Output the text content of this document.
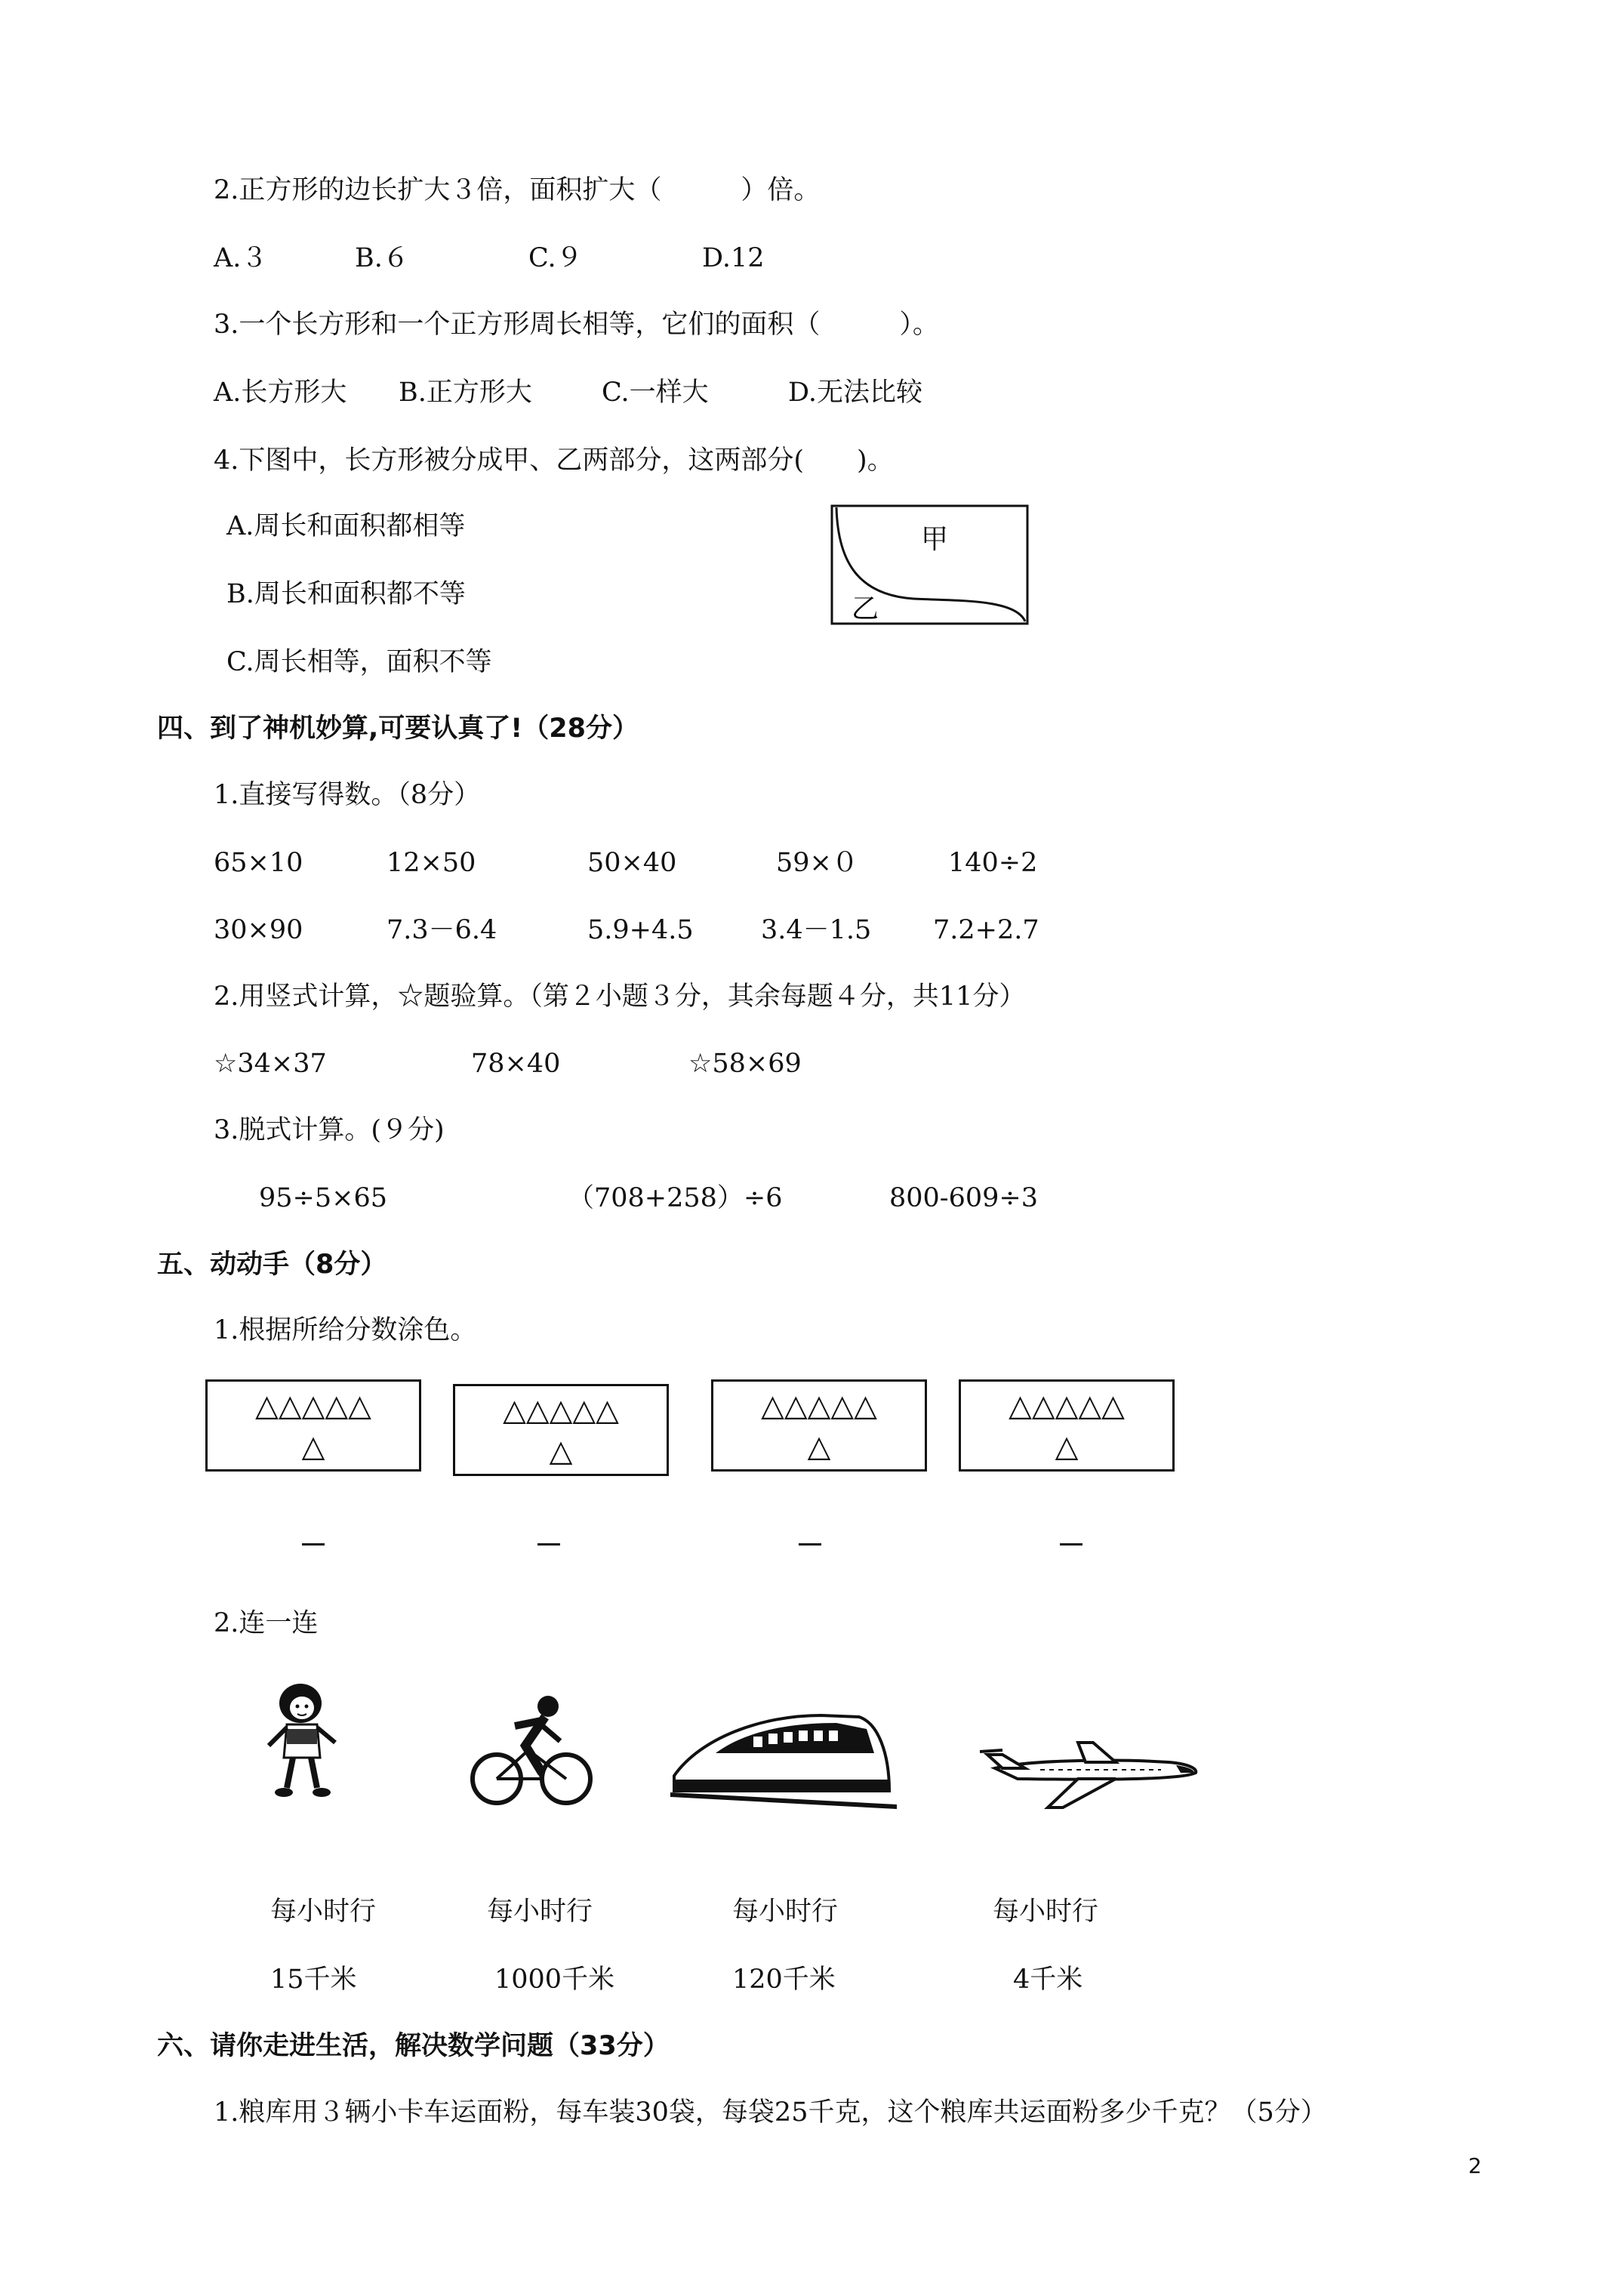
2.正方形的边长扩大３倍，面积扩大（　　　）倍。
A.３	B.６	C.９	D.12
3.一个长方形和一个正方形周长相等，它们的面积（　　　）。
A.长方形大 B.正方形大	C.一样大	D.无法比较
4.下图中，长方形被分成甲、乙两部分，这两部分(　　)。
A.周长和面积都相等
B.周长和面积都不等
C.周长相等，面积不等
甲
乙
四、到了神机妙算,可要认真了!（28分）
1.直接写得数。（8分）
65×10	12×50	50×40	59×０	140÷2
30×90	7.3－6.4	5.9+4.5	3.4－1.5 7.2+2.7
2.用竖式计算，☆题验算。（第２小题３分，其余每题４分，共11分）
☆34×37	78×40	☆58×69
3.脱式计算。(９分)
95÷5×65	（708+258）÷6	800-609÷3
五、动动手（8分）
1.根据所给分数涂色。
△△△△△
△
△△△△△
△
△△△△△
△
△△△△△
△
2.连一连
每小时行	每小时行	每小时行	每小时行
15千米	1000千米	120千米	4千米
六、请你走进生活，解决数学问题（33分）
1.粮库用３辆小卡车运面粉，每车装30袋，每袋25千克，这个粮库共运面粉多少千克？（5分）
2
